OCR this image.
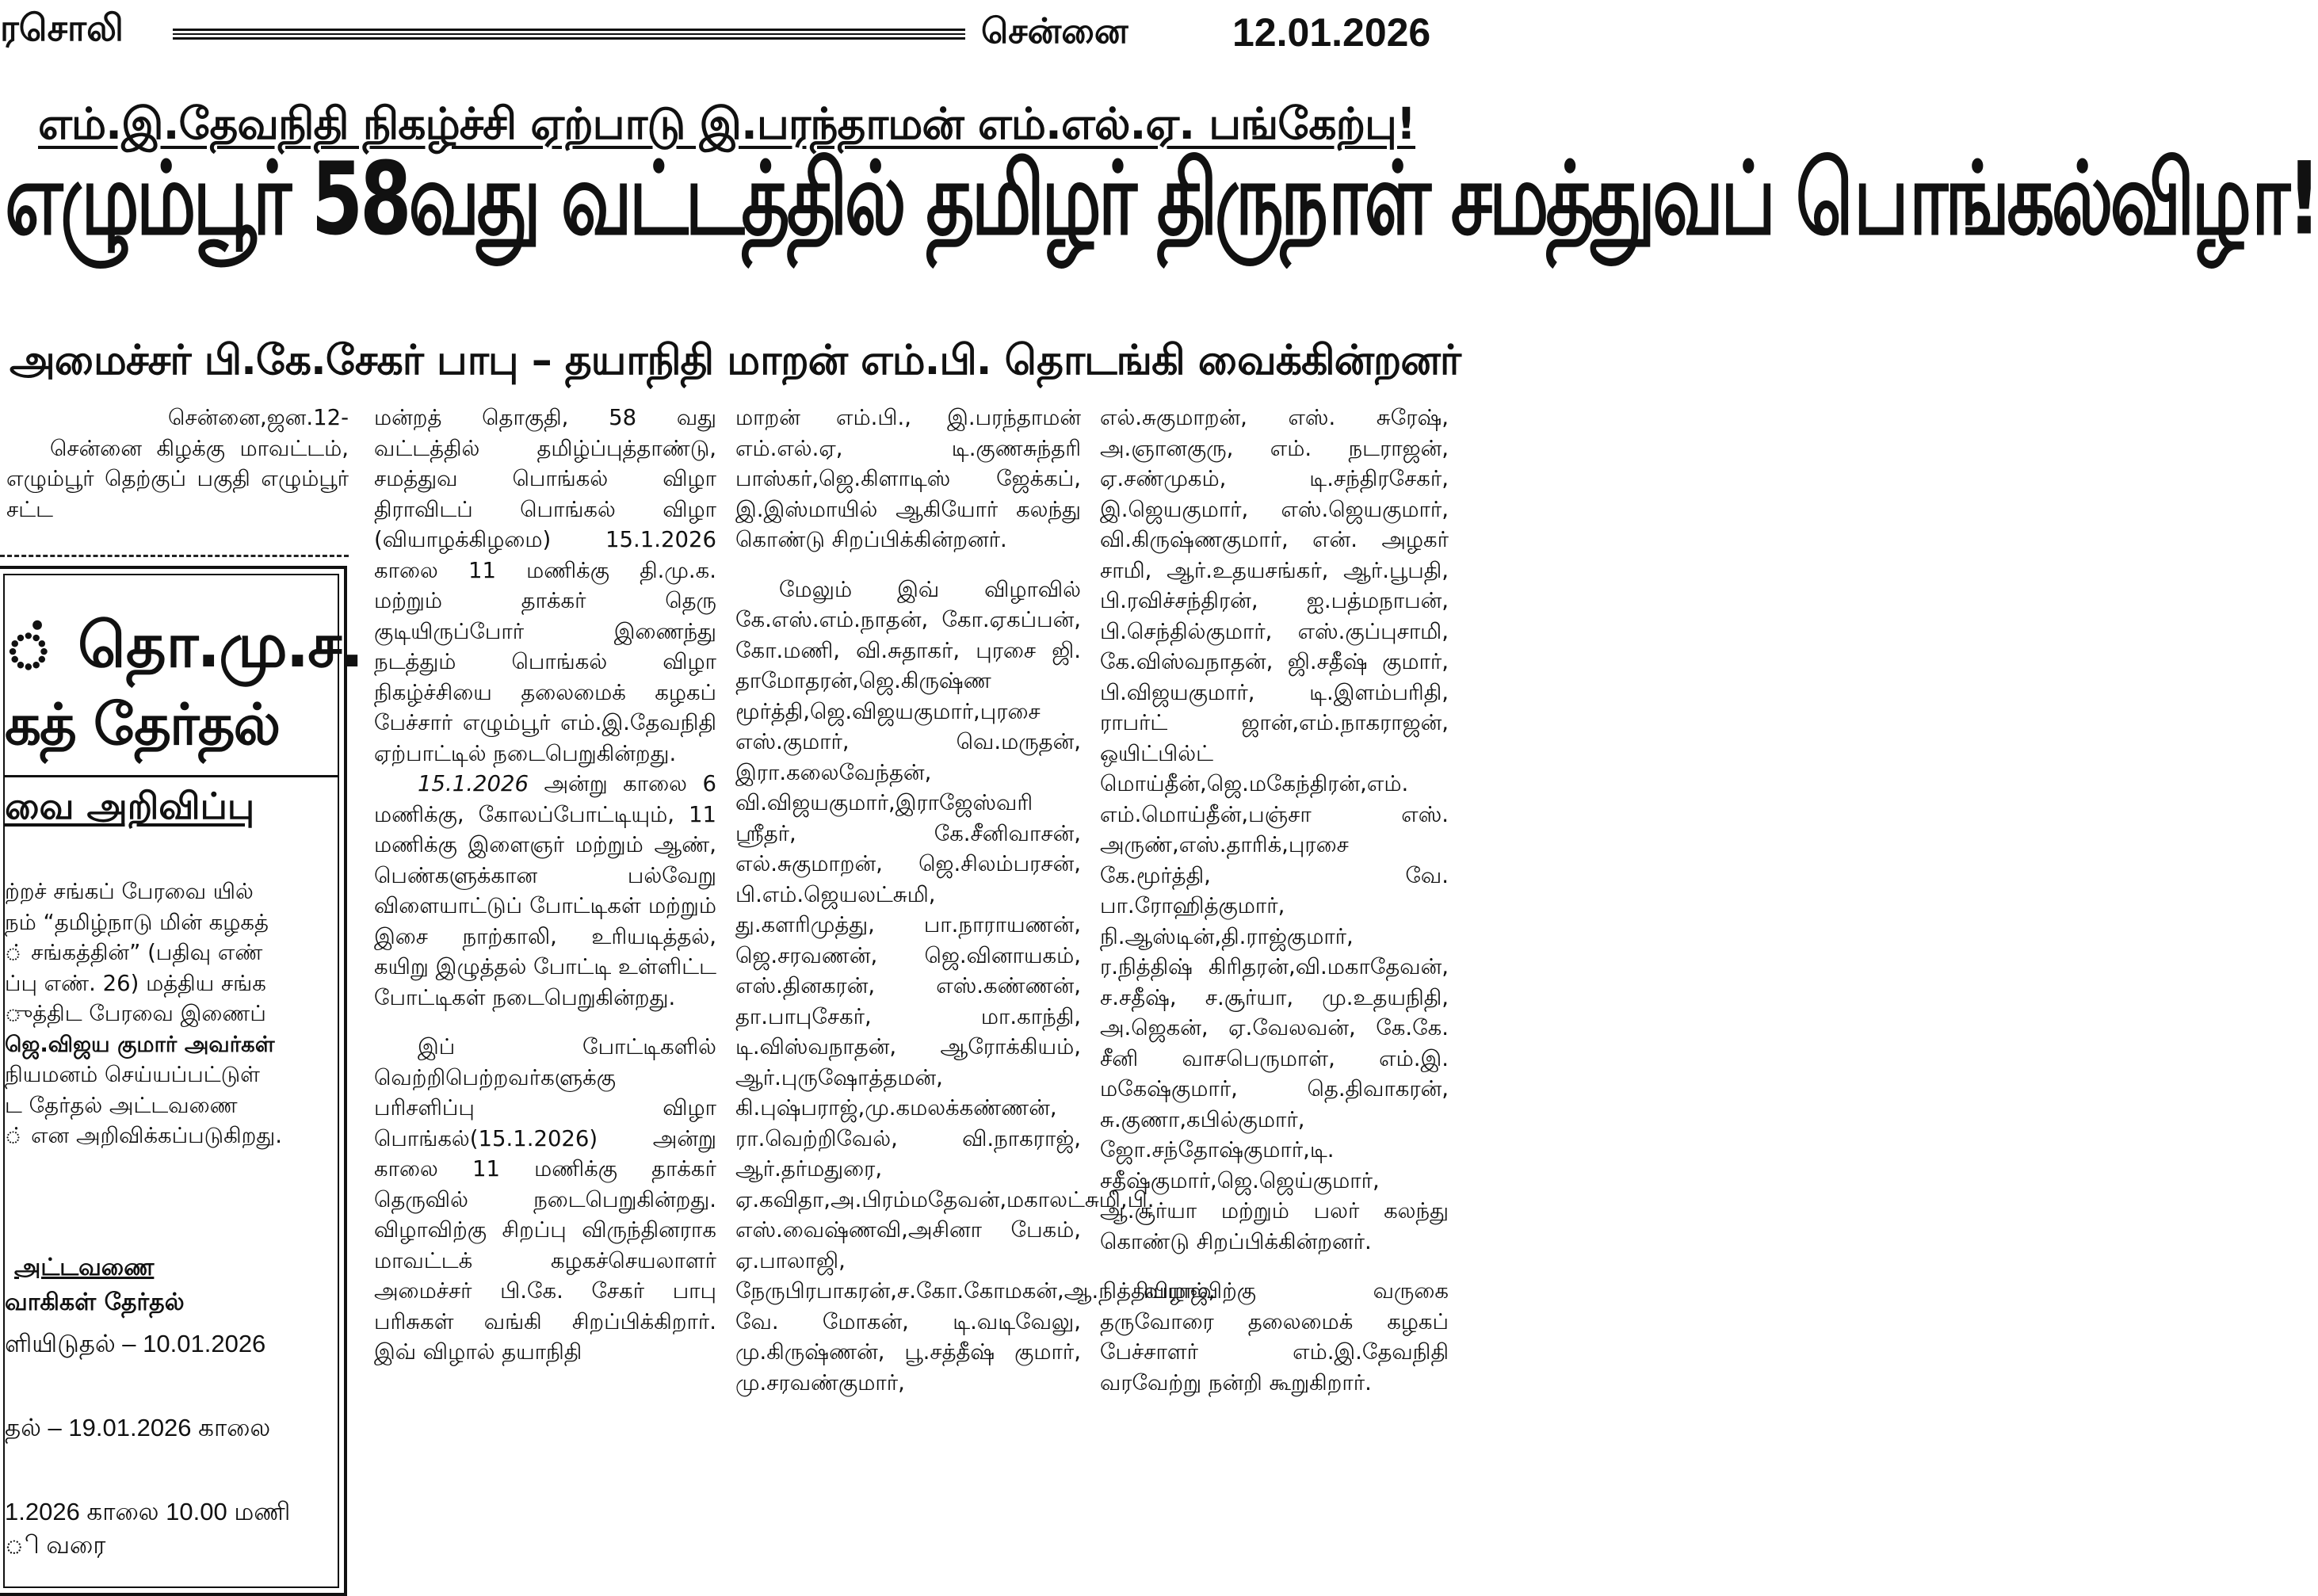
ரசொலி	சென்னை	12.01.2026
எம்.இ.தேவநிதி நிகழ்ச்சி ஏற்பாடு இ.பரந்தாமன் எம்.எல்.ஏ. பங்கேற்பு!
எழும்பூர் 58வது வட்டத்தில் தமிழர் திருநாள் சமத்துவப் பொங்கல்விழா!
அமைச்சர் பி.கே.சேகர் பாபு – தயாநிதி மாறன் எம்.பி. தொடங்கி வைக்கின்றனர்

சென்னை,ஜன.12-

சென்னை கிழக்கு மாவட்டம், எழும்பூர் தெற்குப் பகுதி எழும்பூர் சட்ட

் தொ.மு.ச.
கத் தேர்தல்
வை அறிவிப்பு
ற்றச் சங்கப் பேரவை யில்
நம் “தமிழ்நாடு மின் கழகத்
் சங்கத்தின்” (பதிவு எண்
ப்பு எண். 26) மத்திய சங்க
ுத்திட பேரவை இணைப்
ஜெ.விஜய குமார் அவர்கள்
நியமனம் செய்யப்பட்டுள்
ட தேர்தல் அட்டவணை
் என அறிவிக்கப்படுகிறது.
அட்டவணை
வாகிகள் தேர்தல்
ளியிடுதல் – 10.01.2026
தல் – 19.01.2026 காலை
1.2026 காலை 10.00 மணி
ி வரை

மன்றத் தொகுதி, 58 வது வட்டத்தில் தமிழ்ப்புத்தாண்டு, சமத்துவ பொங்கல் விழா திராவிடப் பொங்கல் விழா (வியாழக்கிழமை) 15.1.2026 காலை 11 மணிக்கு தி.மு.க. மற்றும் தாக்கர் தெரு குடியிருப்போர் இணைந்து நடத்தும் பொங்கல் விழா நிகழ்ச்சியை தலைமைக் கழகப் பேச்சார் எழும்பூர் எம்.இ.தேவநிதி ஏற்பாட்டில் நடைபெறுகின்றது.

15.1.2026 அன்று காலை 6 மணிக்கு, கோலப்போட்டியும், 11 மணிக்கு இளைஞர் மற்றும் ஆண், பெண்களுக்கான பல்வேறு விளையாட்டுப் போட்டிகள் மற்றும் இசை நாற்காலி, உரியடித்தல், கயிறு இழுத்தல் போட்டி உள்ளிட்ட போட்டிகள் நடைபெறுகின்றது.

இப் போட்டிகளில் வெற்றிபெற்றவர்களுக்கு பரிசளிப்பு விழா பொங்கல்(15.1.2026) அன்று காலை 11 மணிக்கு தாக்கர் தெருவில் நடைபெறுகின்றது. விழாவிற்கு சிறப்பு விருந்தினராக மாவட்டக் கழகச்செயலாளர் அமைச்சர் பி.கே. சேகர் பாபு பரிசுகள் வங்கி சிறப்பிக்கிறார். இவ் விழால் தயாநிதி

மாறன் எம்.பி., இ.பரந்தாமன் எம்.எல்.ஏ, டி.குணசுந்தரி பாஸ்கர்,ஜெ.கிளாடிஸ் ஜேக்கப், இ.இஸ்மாயில் ஆகியோர் கலந்து கொண்டு சிறப்பிக்கின்றனர்.

மேலும் இவ் விழாவில் கே.எஸ்.எம்.நாதன், கோ.ஏகப்பன், கோ.மணி, வி.சுதாகர், புரசை ஜி. தாமோதரன்,ஜெ.கிருஷ்ண மூர்த்தி,ஜெ.விஜயகுமார்,புரசை எஸ்.குமார், வெ.மருதன், இரா.கலைவேந்தன், வி.விஜயகுமார்,இராஜேஸ்வரி ஸ்ரீதர், கே.சீனிவாசன், எல்.சுகுமாறன், ஜெ.சிலம்பரசன், பி.எம்.ஜெயலட்சுமி, து.களரிமுத்து, பா.நாராயணன், ஜெ.சரவணன், ஜெ.வினாயகம், எஸ்.தினகரன், எஸ்.கண்ணன், தா.பாபுசேகர், மா.காந்தி, டி.விஸ்வநாதன், ஆரோக்கியம், ஆர்.புருஷோத்தமன், கி.புஷ்பராஜ்,மு.கமலக்கண்ணன், ரா.வெற்றிவேல், வி.நாகராஜ், ஆர்.தர்மதுரை, ஏ.கவிதா,அ.பிரம்மதேவன்,மகாலட்சுமி,பி. எஸ்.வைஷ்ணவி,அசினா பேகம், ஏ.பாலாஜி, நேருபிரபாகரன்,ச.கோ.கோமகன்,ஆ.நித்தியராஜ், வே. மோகன், டி.வடிவேலு, மு.கிருஷ்ணன், பூ.சத்தீஷ் குமார், மு.சரவண்குமார்,

எல்.சுகுமாறன், எஸ். சுரேஷ், அ.ஞானகுரு, எம். நடராஜன், ஏ.சண்முகம், டி.சந்திரசேகர், இ.ஜெயகுமார், எஸ்.ஜெயகுமார், வி.கிருஷ்ணகுமார், என். அழகர் சாமி, ஆர்.உதயசங்கர், ஆர்.பூபதி, பி.ரவிச்சந்திரன், ஐ.பத்மநாபன், பி.செந்தில்குமார், எஸ்.குப்புசாமி, கே.விஸ்வநாதன், ஜி.சதீஷ் குமார், பி.விஜயகுமார், டி.இளம்பரிதி, ராபர்ட் ஜான்,எம்.நாகராஜன், ஒயிட்பில்ட் மொய்தீன்,ஜெ.மகேந்திரன்,எம். எம்.மொய்தீன்,பஞ்சா எஸ். அருண்,எஸ்.தாரிக்,புரசை கே.மூர்த்தி, வே. பா.ரோஹித்குமார், நி.ஆஸ்டின்,தி.ராஜ்குமார், ர.நித்திஷ் கிரிதரன்,வி.மகாதேவன், ச.சதீஷ், ச.சூர்யா, மு.உதயநிதி, அ.ஜெகன், ஏ.வேலவன், கே.கே. சீனி வாசபெருமாள், எம்.இ. மகேஷ்குமார், தெ.திவாகரன், சு.குணா,கபில்குமார், ஜோ.சந்தோஷ்குமார்,டி. சதீஷ்குமார்,ஜெ.ஜெய்குமார், ஆ.சூர்யா மற்றும் பலர் கலந்து கொண்டு சிறப்பிக்கின்றனர்.

விழாவிற்கு வருகை தருவோரை தலைமைக் கழகப் பேச்சாளர் எம்.இ.தேவநிதி வரவேற்று நன்றி கூறுகிறார்.
